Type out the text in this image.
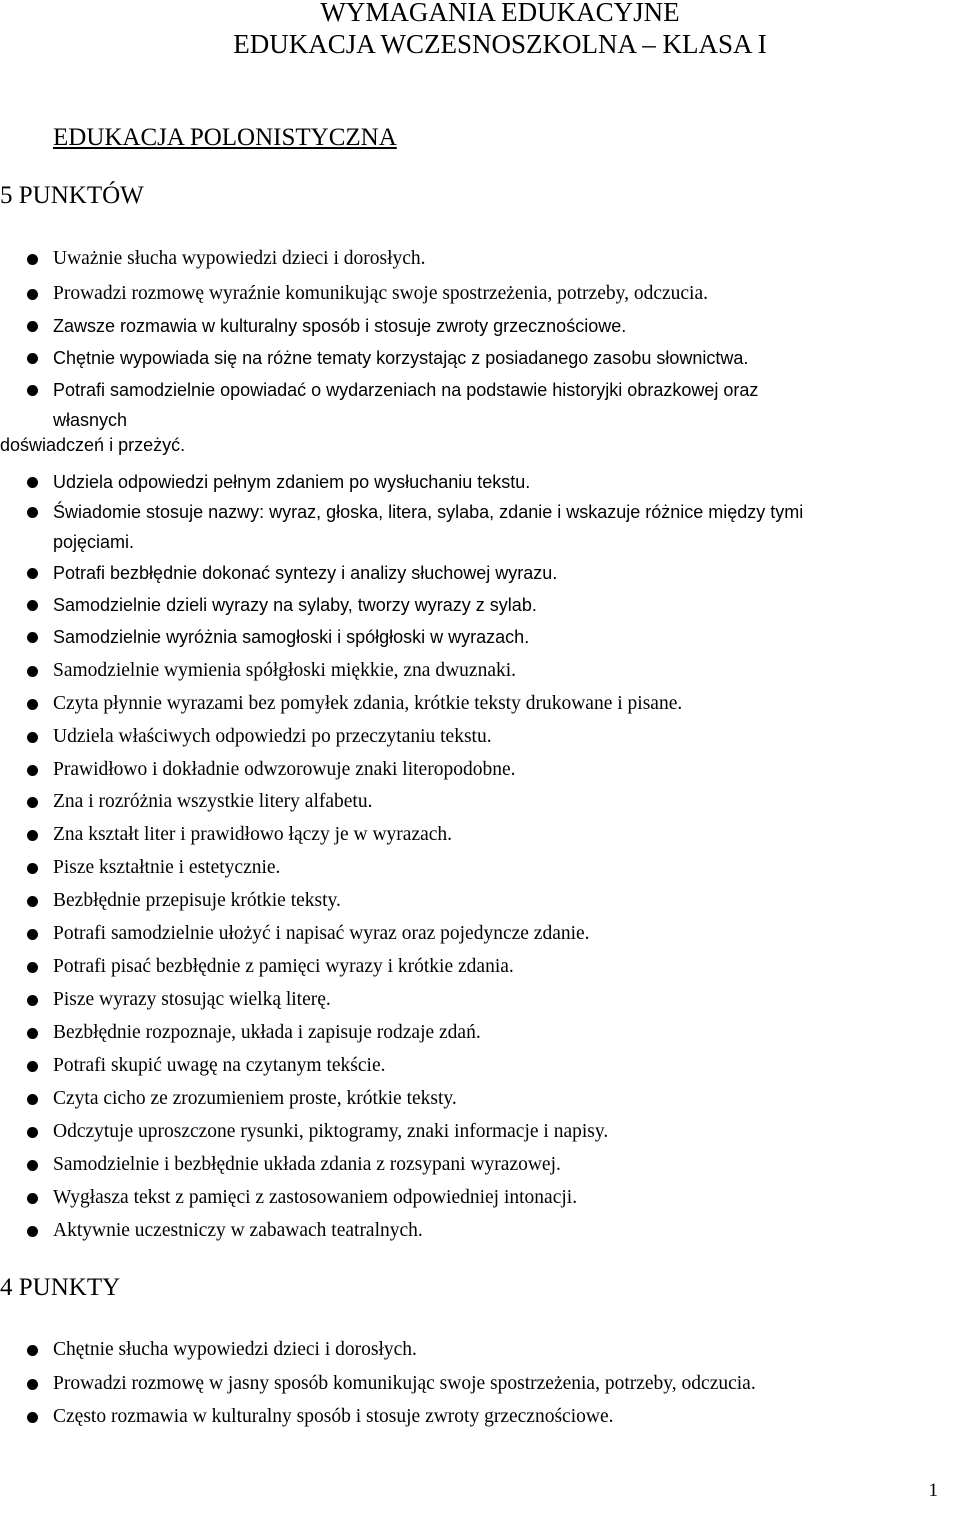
WYMAGANIA EDUKACYJNE
EDUKACJA WCZESNOSZKOLNA – KLASA I
EDUKACJA POLONISTYCZNA
5 PUNKTÓW
Uważnie słucha wypowiedzi dzieci i dorosłych.
Prowadzi rozmowę wyraźnie komunikując swoje spostrzeżenia, potrzeby, odczucia.
Zawsze rozmawia w kulturalny sposób i stosuje zwroty grzecznościowe.
Chętnie wypowiada się na różne tematy korzystając z posiadanego zasobu słownictwa.
Potrafi samodzielnie opowiadać o wydarzeniach na podstawie historyjki obrazkowej oraz
własnych
doświadczeń i przeżyć.
Udziela odpowiedzi pełnym zdaniem po wysłuchaniu tekstu.
Świadomie stosuje nazwy: wyraz, głoska, litera, sylaba, zdanie i wskazuje różnice między tymi
pojęciami.
Potrafi bezbłędnie dokonać syntezy i analizy słuchowej wyrazu.
Samodzielnie dzieli wyrazy na sylaby, tworzy wyrazy z sylab.
Samodzielnie wyróżnia samogłoski i spółgłoski w wyrazach.
Samodzielnie wymienia spółgłoski miękkie, zna dwuznaki.
Czyta płynnie wyrazami bez pomyłek zdania, krótkie teksty drukowane i pisane.
Udziela właściwych odpowiedzi po przeczytaniu tekstu.
Prawidłowo i dokładnie odwzorowuje znaki literopodobne.
Zna i rozróżnia wszystkie litery alfabetu.
Zna kształt liter i prawidłowo łączy je w wyrazach.
Pisze kształtnie i estetycznie.
Bezbłędnie przepisuje krótkie teksty.
Potrafi samodzielnie ułożyć i napisać wyraz oraz pojedyncze zdanie.
Potrafi pisać bezbłędnie z pamięci wyrazy i krótkie zdania.
Pisze wyrazy stosując wielką literę.
Bezbłędnie rozpoznaje, układa i zapisuje rodzaje zdań.
Potrafi skupić uwagę na czytanym tekście.
Czyta cicho ze zrozumieniem proste, krótkie teksty.
Odczytuje uproszczone rysunki, piktogramy, znaki informacje i napisy.
Samodzielnie i bezbłędnie układa zdania z rozsypani wyrazowej.
Wygłasza tekst z pamięci z zastosowaniem odpowiedniej intonacji.
Aktywnie uczestniczy w zabawach teatralnych.
4 PUNKTY
Chętnie słucha wypowiedzi dzieci i dorosłych.
Prowadzi rozmowę w jasny sposób komunikując swoje spostrzeżenia, potrzeby, odczucia.
Często rozmawia w kulturalny sposób i stosuje zwroty grzecznościowe.
1
